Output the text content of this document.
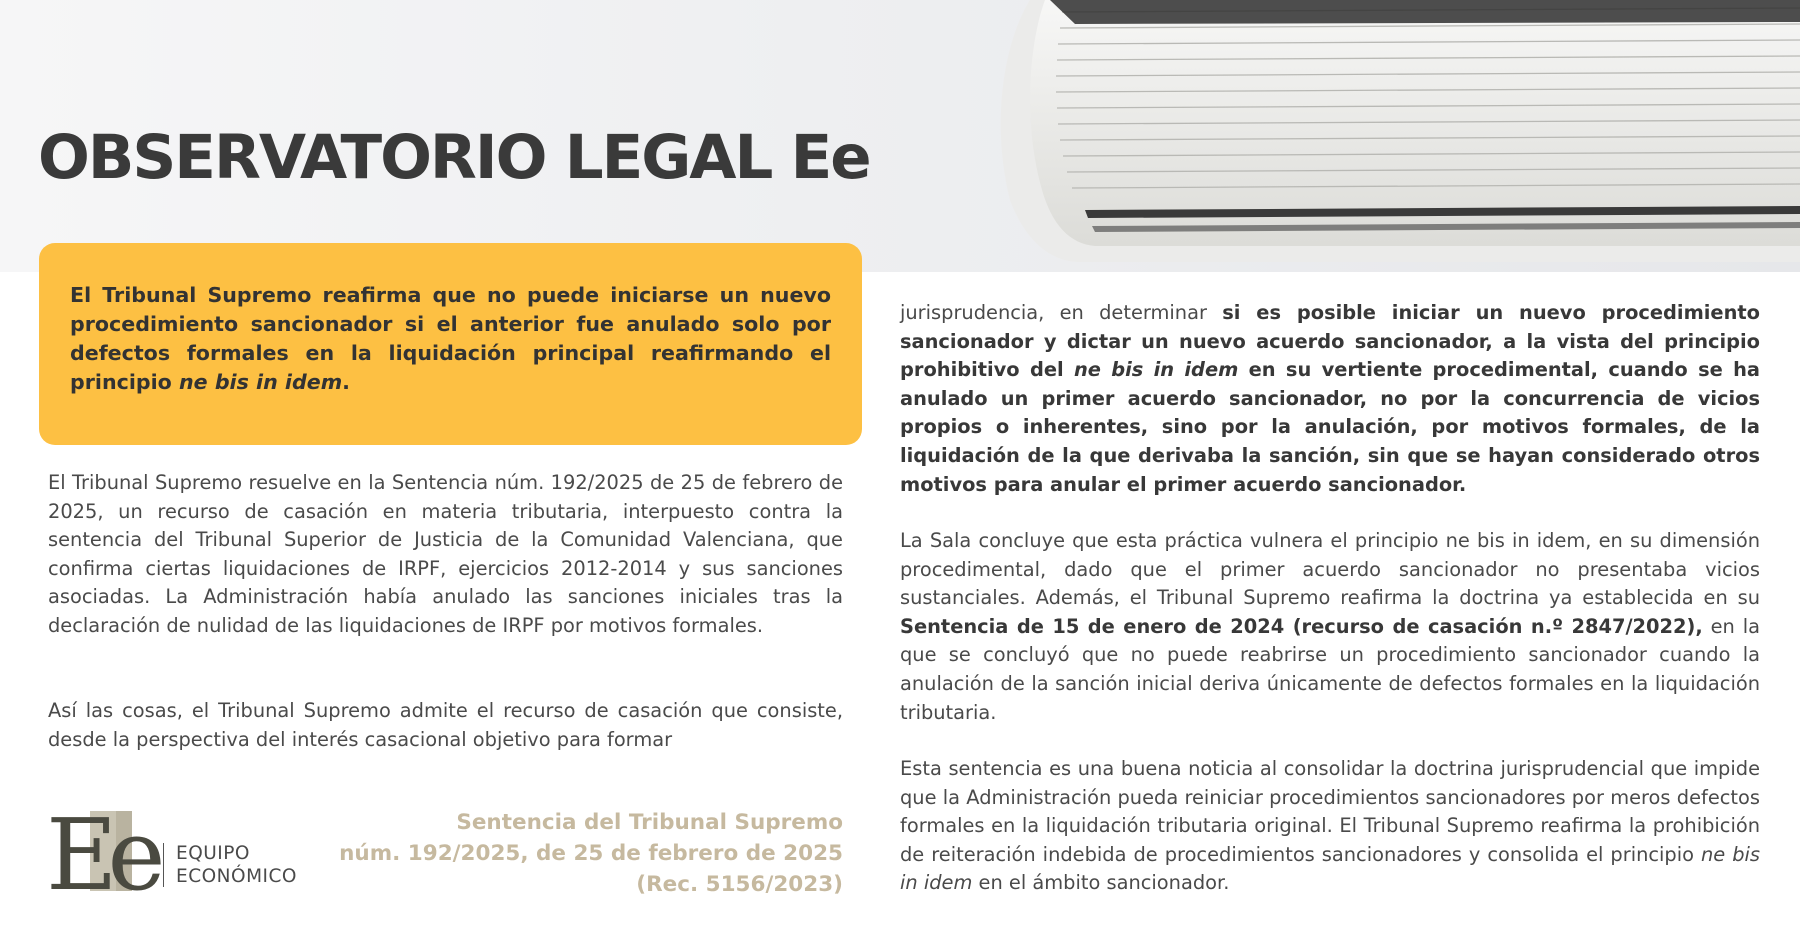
OBSERVATORIO LEGAL Ee

El Tribunal Supremo reafirma que no puede iniciarse un nuevo procedimiento sancionador si el anterior fue anulado solo por defectos formales en la liquidación principal reafirmando el principio ne bis in idem.

El Tribunal Supremo resuelve en la Sentencia núm. 192/2025 de 25 de febrero de 2025, un recurso de casación en materia tributaria, interpuesto contra la sentencia del Tribunal Superior de Justicia de la Comunidad Valenciana, que confirma ciertas liquidaciones de IRPF, ejercicios 2012-2014 y sus sanciones asociadas. La Administración había anulado las sanciones iniciales tras la declaración de nulidad de las liquidaciones de IRPF por motivos formales.

Así las cosas, el Tribunal Supremo admite el recurso de casación que consiste, desde la perspectiva del interés casacional objetivo para formar

jurisprudencia, en determinar si es posible iniciar un nuevo procedimiento sancionador y dictar un nuevo acuerdo sancionador, a la vista del principio prohibitivo del ne bis in idem en su vertiente procedimental, cuando se ha anulado un primer acuerdo sancionador, no por la concurrencia de vicios propios o inherentes, sino por la anulación, por motivos formales, de la liquidación de la que derivaba la sanción, sin que se hayan considerado otros motivos para anular el primer acuerdo sancionador.

La Sala concluye que esta práctica vulnera el principio ne bis in idem, en su dimensión procedimental, dado que el primer acuerdo sancionador no presentaba vicios sustanciales. Además, el Tribunal Supremo reafirma la doctrina ya establecida en su Sentencia de 15 de enero de 2024 (recurso de casación n.º 2847/2022), en la que se concluyó que no puede reabrirse un procedimiento sancionador cuando la anulación de la sanción inicial deriva únicamente de defectos formales en la liquidación tributaria.

Esta sentencia es una buena noticia al consolidar la doctrina jurisprudencial que impide que la Administración pueda reiniciar procedimientos sancionadores por meros defectos formales en la liquidación tributaria original. El Tribunal Supremo reafirma la prohibición de reiteración indebida de procedimientos sancionadores y consolida el principio ne bis in idem en el ámbito sancionador.

Ee	EQUIPO
ECONÓMICO
Sentencia del Tribunal Supremo
núm. 192/2025, de 25 de febrero de 2025
(Rec. 5156/2023)
